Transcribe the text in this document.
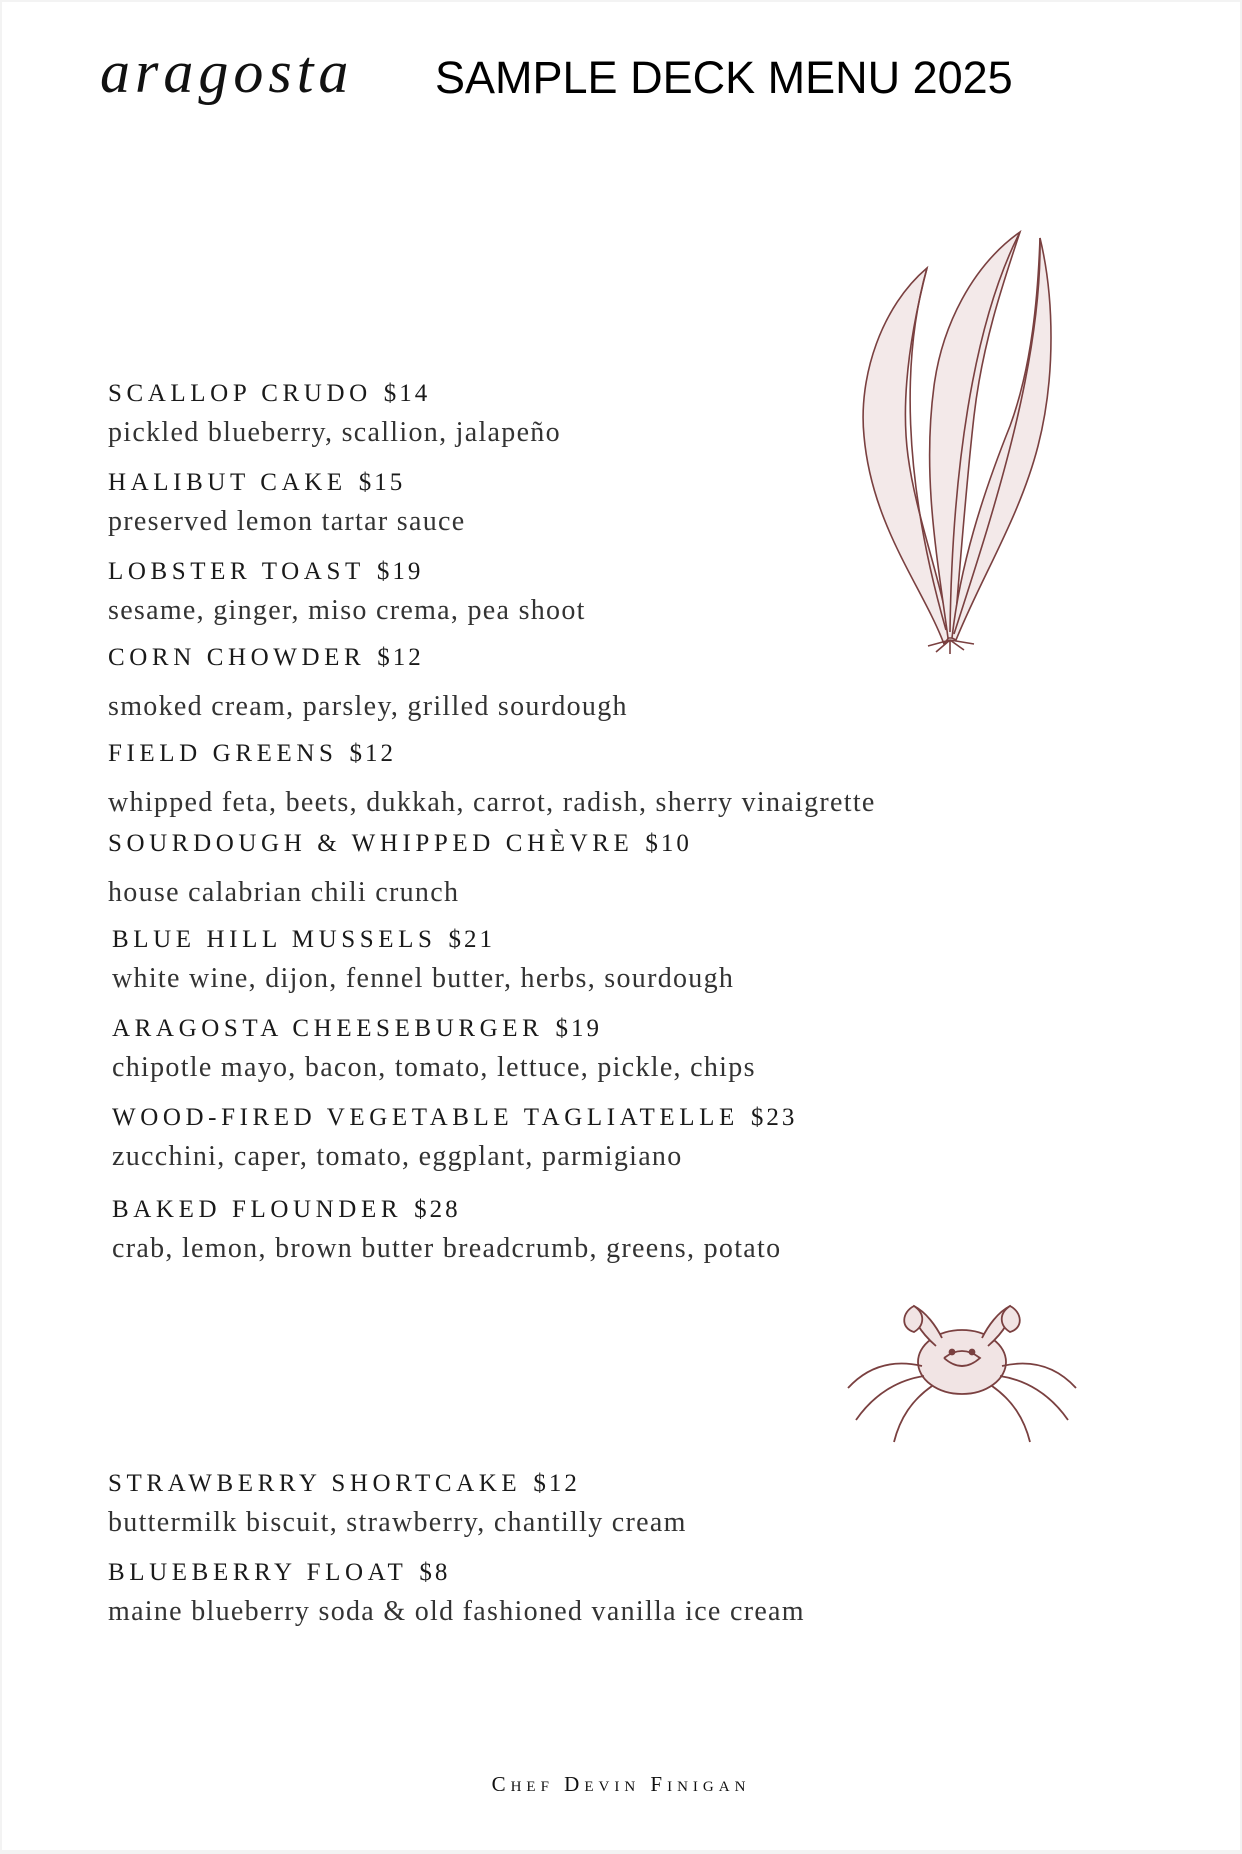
aragosta SAMPLE DECK MENU 2025
SCALLOP CRUDO $14
pickled blueberry, scallion, jalapeño
HALIBUT CAKE $15
preserved lemon tartar sauce
LOBSTER TOAST $19
sesame, ginger, miso crema, pea shoot
CORN CHOWDER $12
smoked cream, parsley, grilled sourdough
FIELD GREENS $12
whipped feta, beets, dukkah, carrot, radish, sherry vinaigrette
SOURDOUGH & WHIPPED CHÈVRE $10
house calabrian chili crunch
BLUE HILL MUSSELS $21
white wine, dijon, fennel butter, herbs, sourdough
ARAGOSTA CHEESEBURGER $19
chipotle mayo, bacon, tomato, lettuce, pickle, chips
WOOD-FIRED VEGETABLE TAGLIATELLE $23
zucchini, caper, tomato, eggplant, parmigiano
BAKED FLOUNDER $28
crab, lemon, brown butter breadcrumb, greens, potato
STRAWBERRY SHORTCAKE $12
buttermilk biscuit, strawberry, chantilly cream
BLUEBERRY FLOAT $8
maine blueberry soda & old fashioned vanilla ice cream
Chef Devin Finigan
